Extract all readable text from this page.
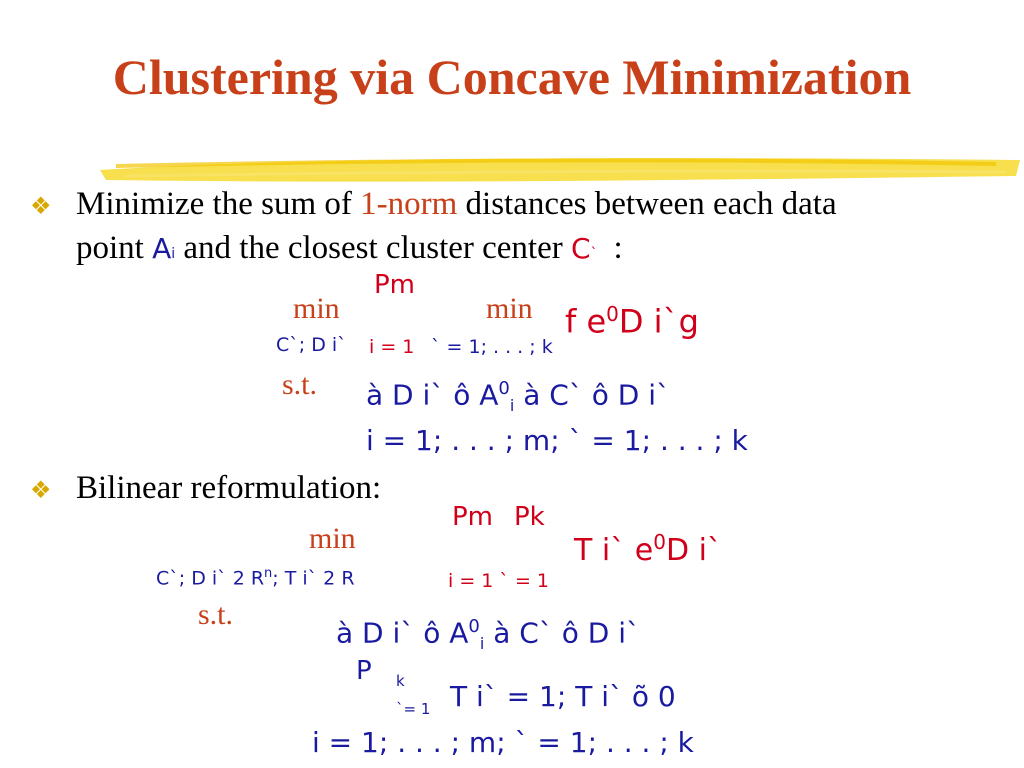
Clustering via Concave Minimization
❖ Minimize the sum of 1-norm distances between each data
point Ai and the closest cluster center C` :
min
Pm
min f $e^0D$ i`g
C`; D i` i = 1 ` = 1; . . . ; k
s.t. à D i` ô $A^0_i$ à C` ô D i`
i = 1; . . . ; m; ` = 1; . . . ; k
❖ Bilinear reformulation:
Pm Pk
min	T i` $e^0D$ i`
C`; D i` 2 $R^n$; T i` 2 R	i = 1 ` = 1
s.t.
à D i` ô $A^0_i$ à C` ô D i`
P k
`= 1 T i` = 1; T i` õ 0
i = 1; . . . ; m; ` = 1; . . . ; k
